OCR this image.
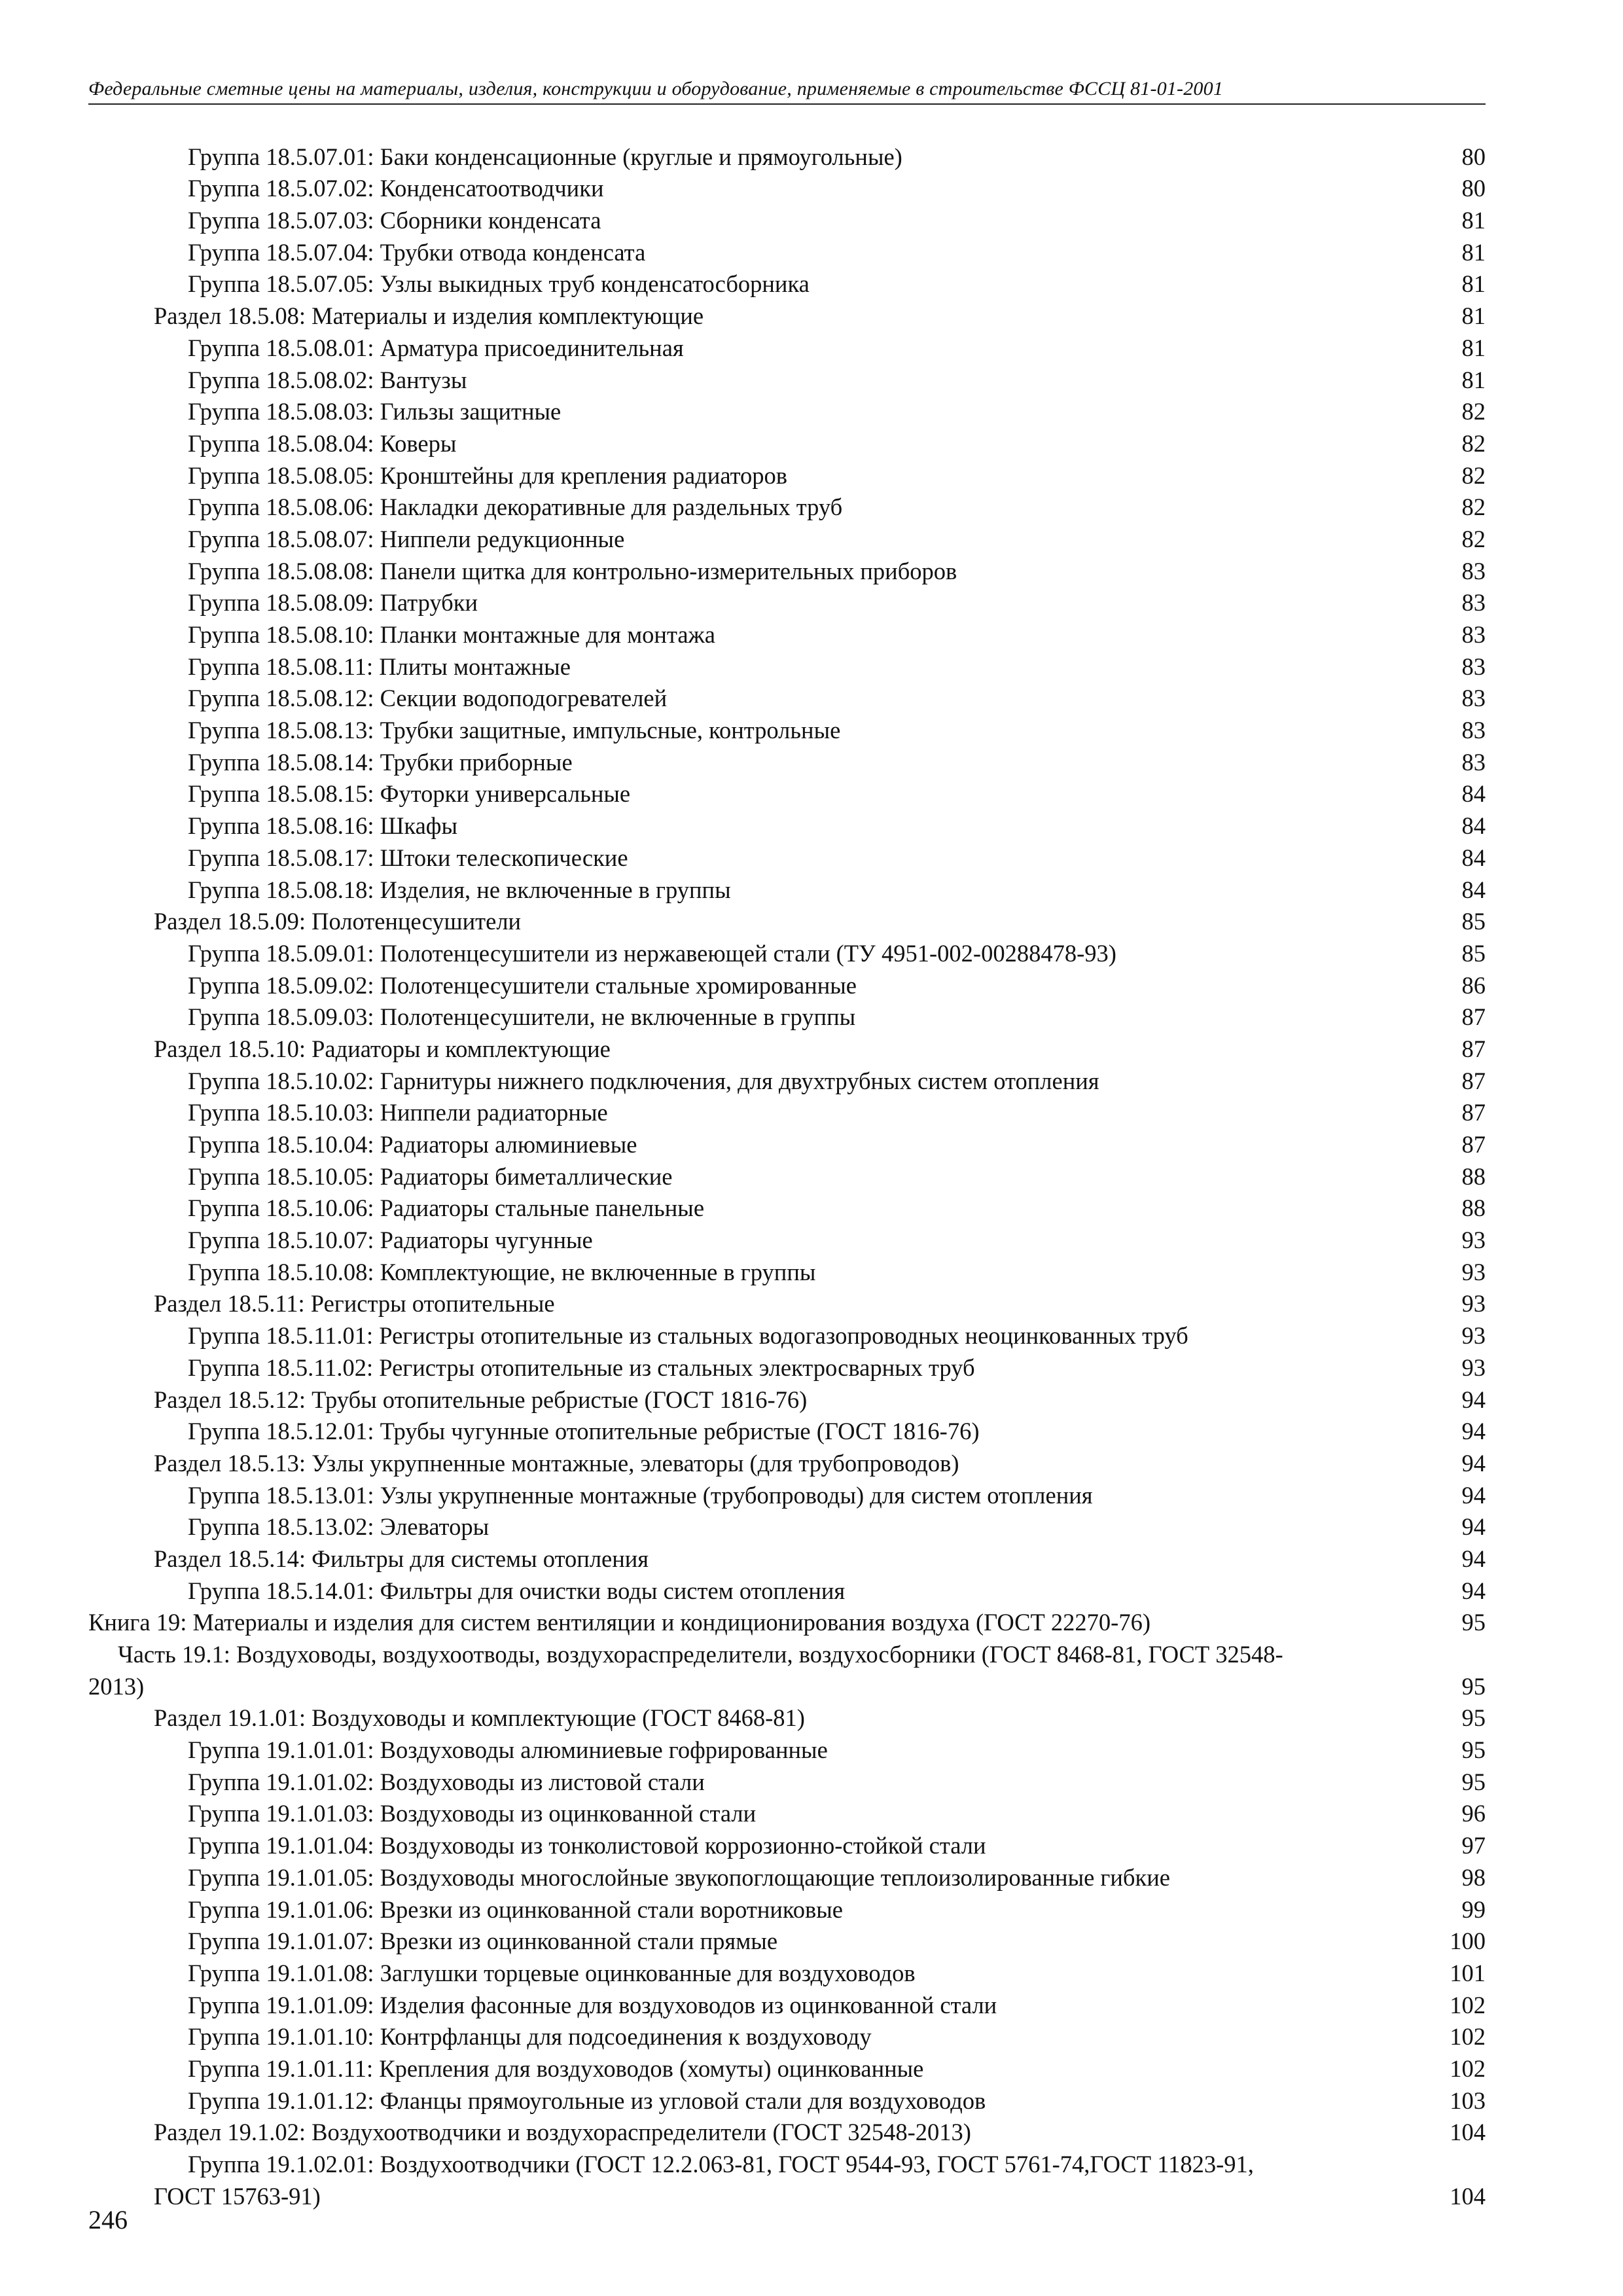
Федеральные сметные цены на материалы, изделия, конструкции и оборудование, применяемые в строительстве ФССЦ 81-01-2001
Группа 18.5.07.01: Баки конденсационные (круглые и прямоугольные) .....	80
Группа 18.5.07.02: Конденсатоотводчики .....	80
Группа 18.5.07.03: Сборники конденсата .....	81
Группа 18.5.07.04: Трубки отвода конденсата .....	81
Группа 18.5.07.05: Узлы выкидных труб конденсатосборника .....	81
Раздел 18.5.08: Материалы и изделия комплектующие .....	81
Группа 18.5.08.01: Арматура присоединительная .....	81
Группа 18.5.08.02: Вантузы .....	81
Группа 18.5.08.03: Гильзы защитные .....	82
Группа 18.5.08.04: Коверы .....	82
Группа 18.5.08.05: Кронштейны для крепления радиаторов .....	82
Группа 18.5.08.06: Накладки декоративные для раздельных труб .....	82
Группа 18.5.08.07: Ниппели редукционные .....	82
Группа 18.5.08.08: Панели щитка для контрольно-измерительных приборов .....	83
Группа 18.5.08.09: Патрубки .....	83
Группа 18.5.08.10: Планки монтажные для монтажа .....	83
Группа 18.5.08.11: Плиты монтажные .....	83
Группа 18.5.08.12: Секции водоподогревателей .....	83
Группа 18.5.08.13: Трубки защитные, импульсные, контрольные .....	83
Группа 18.5.08.14: Трубки приборные .....	83
Группа 18.5.08.15: Футорки универсальные .....	84
Группа 18.5.08.16: Шкафы .....	84
Группа 18.5.08.17: Штоки телескопические .....	84
Группа 18.5.08.18: Изделия, не включенные в группы .....	84
Раздел 18.5.09: Полотенцесушители .....	85
Группа 18.5.09.01: Полотенцесушители из нержавеющей стали (ТУ 4951-002-00288478-93) .....	85
Группа 18.5.09.02: Полотенцесушители стальные хромированные .....	86
Группа 18.5.09.03: Полотенцесушители, не включенные в группы .....	87
Раздел 18.5.10: Радиаторы и комплектующие .....	87
Группа 18.5.10.02: Гарнитуры нижнего подключения, для двухтрубных систем отопления .....	87
Группа 18.5.10.03: Ниппели радиаторные .....	87
Группа 18.5.10.04: Радиаторы алюминиевые .....	87
Группа 18.5.10.05: Радиаторы биметаллические .....	88
Группа 18.5.10.06: Радиаторы стальные панельные .....	88
Группа 18.5.10.07: Радиаторы чугунные .....	93
Группа 18.5.10.08: Комплектующие, не включенные в группы .....	93
Раздел 18.5.11: Регистры отопительные .....	93
Группа 18.5.11.01: Регистры отопительные из стальных водогазопроводных неоцинкованных труб .....	93
Группа 18.5.11.02: Регистры отопительные из стальных электросварных труб .....	93
Раздел 18.5.12: Трубы отопительные ребристые (ГОСТ 1816-76) .....	94
Группа 18.5.12.01: Трубы чугунные отопительные ребристые (ГОСТ 1816-76) .....	94
Раздел 18.5.13: Узлы укрупненные монтажные, элеваторы (для трубопроводов) .....	94
Группа 18.5.13.01: Узлы укрупненные монтажные (трубопроводы) для систем отопления .....	94
Группа 18.5.13.02: Элеваторы .....	94
Раздел 18.5.14: Фильтры для системы отопления .....	94
Группа 18.5.14.01: Фильтры для очистки воды систем отопления .....	94
Книга 19: Материалы и изделия для систем вентиляции и кондиционирования воздуха (ГОСТ 22270-76) .....	95
Часть 19.1: Воздуховоды, воздухоотводы, воздухораспределители, воздухосборники (ГОСТ 8468-81, ГОСТ 32548-
2013) .....	95
Раздел 19.1.01: Воздуховоды и комплектующие (ГОСТ 8468-81) .....	95
Группа 19.1.01.01: Воздуховоды алюминиевые гофрированные .....	95
Группа 19.1.01.02: Воздуховоды из листовой стали .....	95
Группа 19.1.01.03: Воздуховоды из оцинкованной стали .....	96
Группа 19.1.01.04: Воздуховоды из тонколистовой коррозионно-стойкой стали .....	97
Группа 19.1.01.05: Воздуховоды многослойные звукопоглощающие теплоизолированные гибкие .....	98
Группа 19.1.01.06: Врезки из оцинкованной стали воротниковые .....	99
Группа 19.1.01.07: Врезки из оцинкованной стали прямые .....	100
Группа 19.1.01.08: Заглушки торцевые оцинкованные для воздуховодов .....	101
Группа 19.1.01.09: Изделия фасонные для воздуховодов из оцинкованной стали .....	102
Группа 19.1.01.10: Контрфланцы для подсоединения к воздуховоду .....	102
Группа 19.1.01.11: Крепления для воздуховодов (хомуты) оцинкованные .....	102
Группа 19.1.01.12: Фланцы прямоугольные из угловой стали для воздуховодов .....	103
Раздел 19.1.02: Воздухоотводчики и воздухораспределители (ГОСТ 32548-2013) .....	104
Группа 19.1.02.01: Воздухоотводчики (ГОСТ 12.2.063-81, ГОСТ 9544-93, ГОСТ 5761-74,ГОСТ 11823-91,
ГОСТ 15763-91) .....	104
246
